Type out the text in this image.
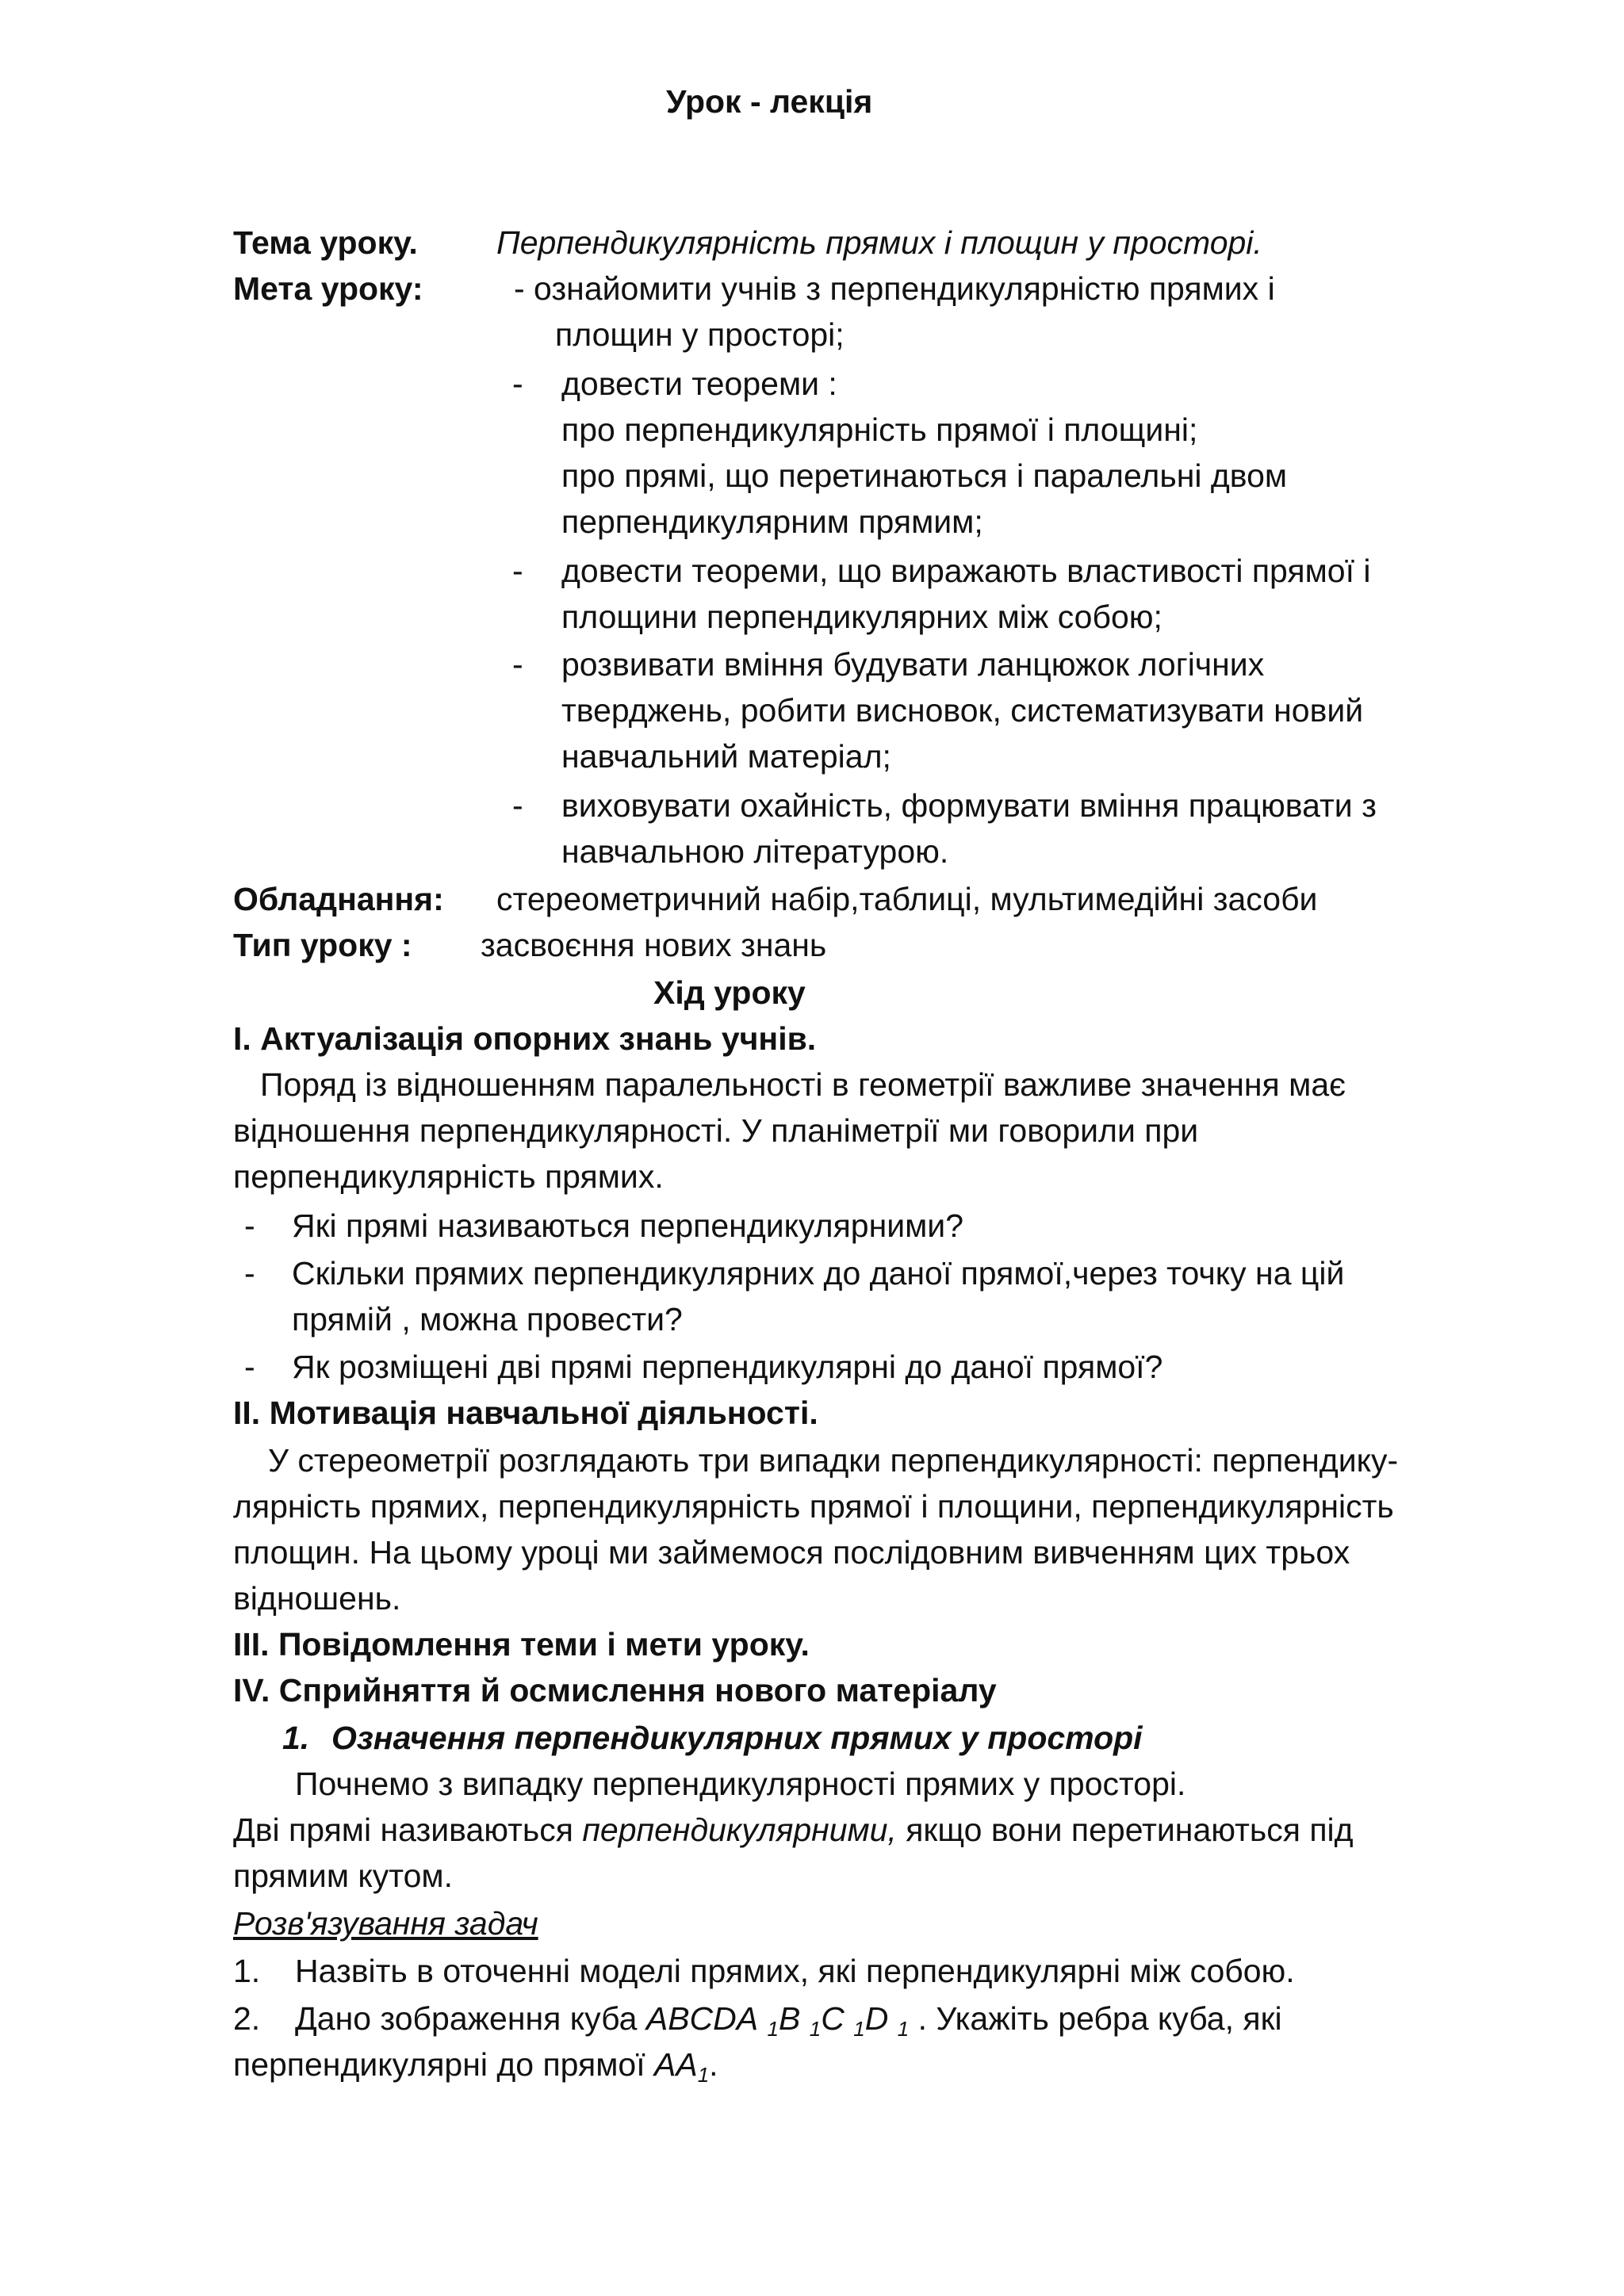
Урок - лекція
Тема уроку. Перпендикулярність прямих і площин у просторі.
Мета уроку:	- ознайомити учнів з перпендикулярністю прямих і
площин у просторі;
- довести теореми :
про перпендикулярність прямої і площині;
про прямі, що перетинаються і паралельні двом
перпендикулярним прямим;
- довести теореми, що виражають властивості прямої і
площини перпендикулярних між собою;
- розвивати вміння будувати ланцюжок логічних
тверджень, робити висновок, систематизувати новий
навчальний матеріал;
- виховувати охайність, формувати вміння працювати з
навчальною літературою.
Обладнання: стереометричний набір,таблиці, мультимедійні засоби
Тип уроку : засвоєння нових знань
Хід уроку
І. Актуалізація опорних знань учнів.
Поряд із відношенням паралельності в геометрії важливе значення має
відношення перпендикулярності. У планіметрії ми говорили при
перпендикулярність прямих.
- Які прямі називаються перпендикулярними?
- Скільки прямих перпендикулярних до даної прямої,через точку на цій
прямій , можна провести?
- Як розміщені дві прямі перпендикулярні до даної прямої?
ІІ. Мотивація навчальної діяльності.
У стереометрії розглядають три випадки перпендикулярності: перпендику-
лярність прямих, перпендикулярність прямої і площини, перпендикулярність
площин. На цьому уроці ми займемося послідовним вивченням цих трьох
відношень.
ІІІ. Повідомлення теми і мети уроку.
ІV. Сприйняття й осмислення нового матеріалу
1. Означення перпендикулярних прямих у просторі
Почнемо з випадку перпендикулярності прямих у просторі.
Дві прямі називаються перпендикулярними, якщо вони перетинаються під
прямим кутом.
Розв'язування задач
1. Назвіть в оточенні моделі прямих, які перпендикулярні між собою.
2. Дано зображення куба ABCDA $_1$B $_1$C $_1$D $_1$ . Укажіть ребра куба, які
перпендикулярні до прямої $AA_1$.
